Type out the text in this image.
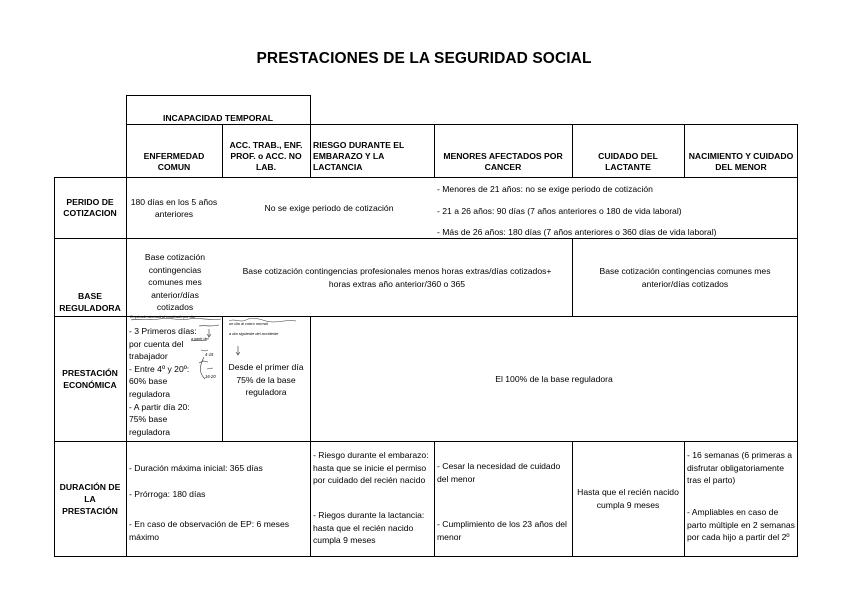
PRESTACIONES DE LA SEGURIDAD SOCIAL
INCAPACIDAD TEMPORAL
ENFERMEDAD COMUN
ACC. TRAB., ENF. PROF. o ACC. NO LAB.
RIESGO DURANTE EL EMBARAZO Y LA LACTANCIA
MENORES AFECTADOS POR CANCER
CUIDADO DEL LACTANTE
NACIMIENTO Y CUIDADO DEL MENOR
PERIDO DE COTIZACION
180 días en los 5 años anteriores
No se exige periodo de cotización
- Menores de 21 años: no se exige periodo de cotización
- 21 a 26 años: 90 días (7 años anteriores o 180 de vida laboral)
- Más de 26 años: 180 días (7 años anteriores o 360 días de vida laboral)
BASE REGULADORA
Base cotización contingencias comunes mes anterior/días cotizados
Base cotización contingencias profesionales menos horas extras/días cotizados+ horas extras año anterior/360 o 365
Base cotización contingencias comunes mes anterior/días cotizados
PRESTACIÓN ECONÓMICA

- 3 Primeros días: por cuenta del trabajador

- Entre 4º y 20º: 60% base reguladora

- A partir día 20: 75% base reguladora

Desde el primer día 75% de la base reguladora
El 100% de la base reguladora
Empleado abonará al empleado por día
a partir del
4-15
16-20
un día al cobro normal
a día siguiente del accidente
DURACIÓN DE LA PRESTACIÓN
- Duración máxima inicial: 365 días
- Prórroga: 180 días
- En caso de observación de EP: 6 meses máximo
- Riesgo durante el embarazo: hasta que se inicie el permiso por cuidado del recién nacido
- Riegos durante la lactancia: hasta que el recién nacido cumpla 9 meses
- Cesar la necesidad de cuidado del menor
- Cumplimiento de los 23 años del menor
Hasta que el recién nacido cumpla 9 meses
- 16 semanas (6 primeras a disfrutar obligatoriamente tras el parto)
- Ampliables en caso de parto múltiple en 2 semanas por cada hijo a partir del 2º
